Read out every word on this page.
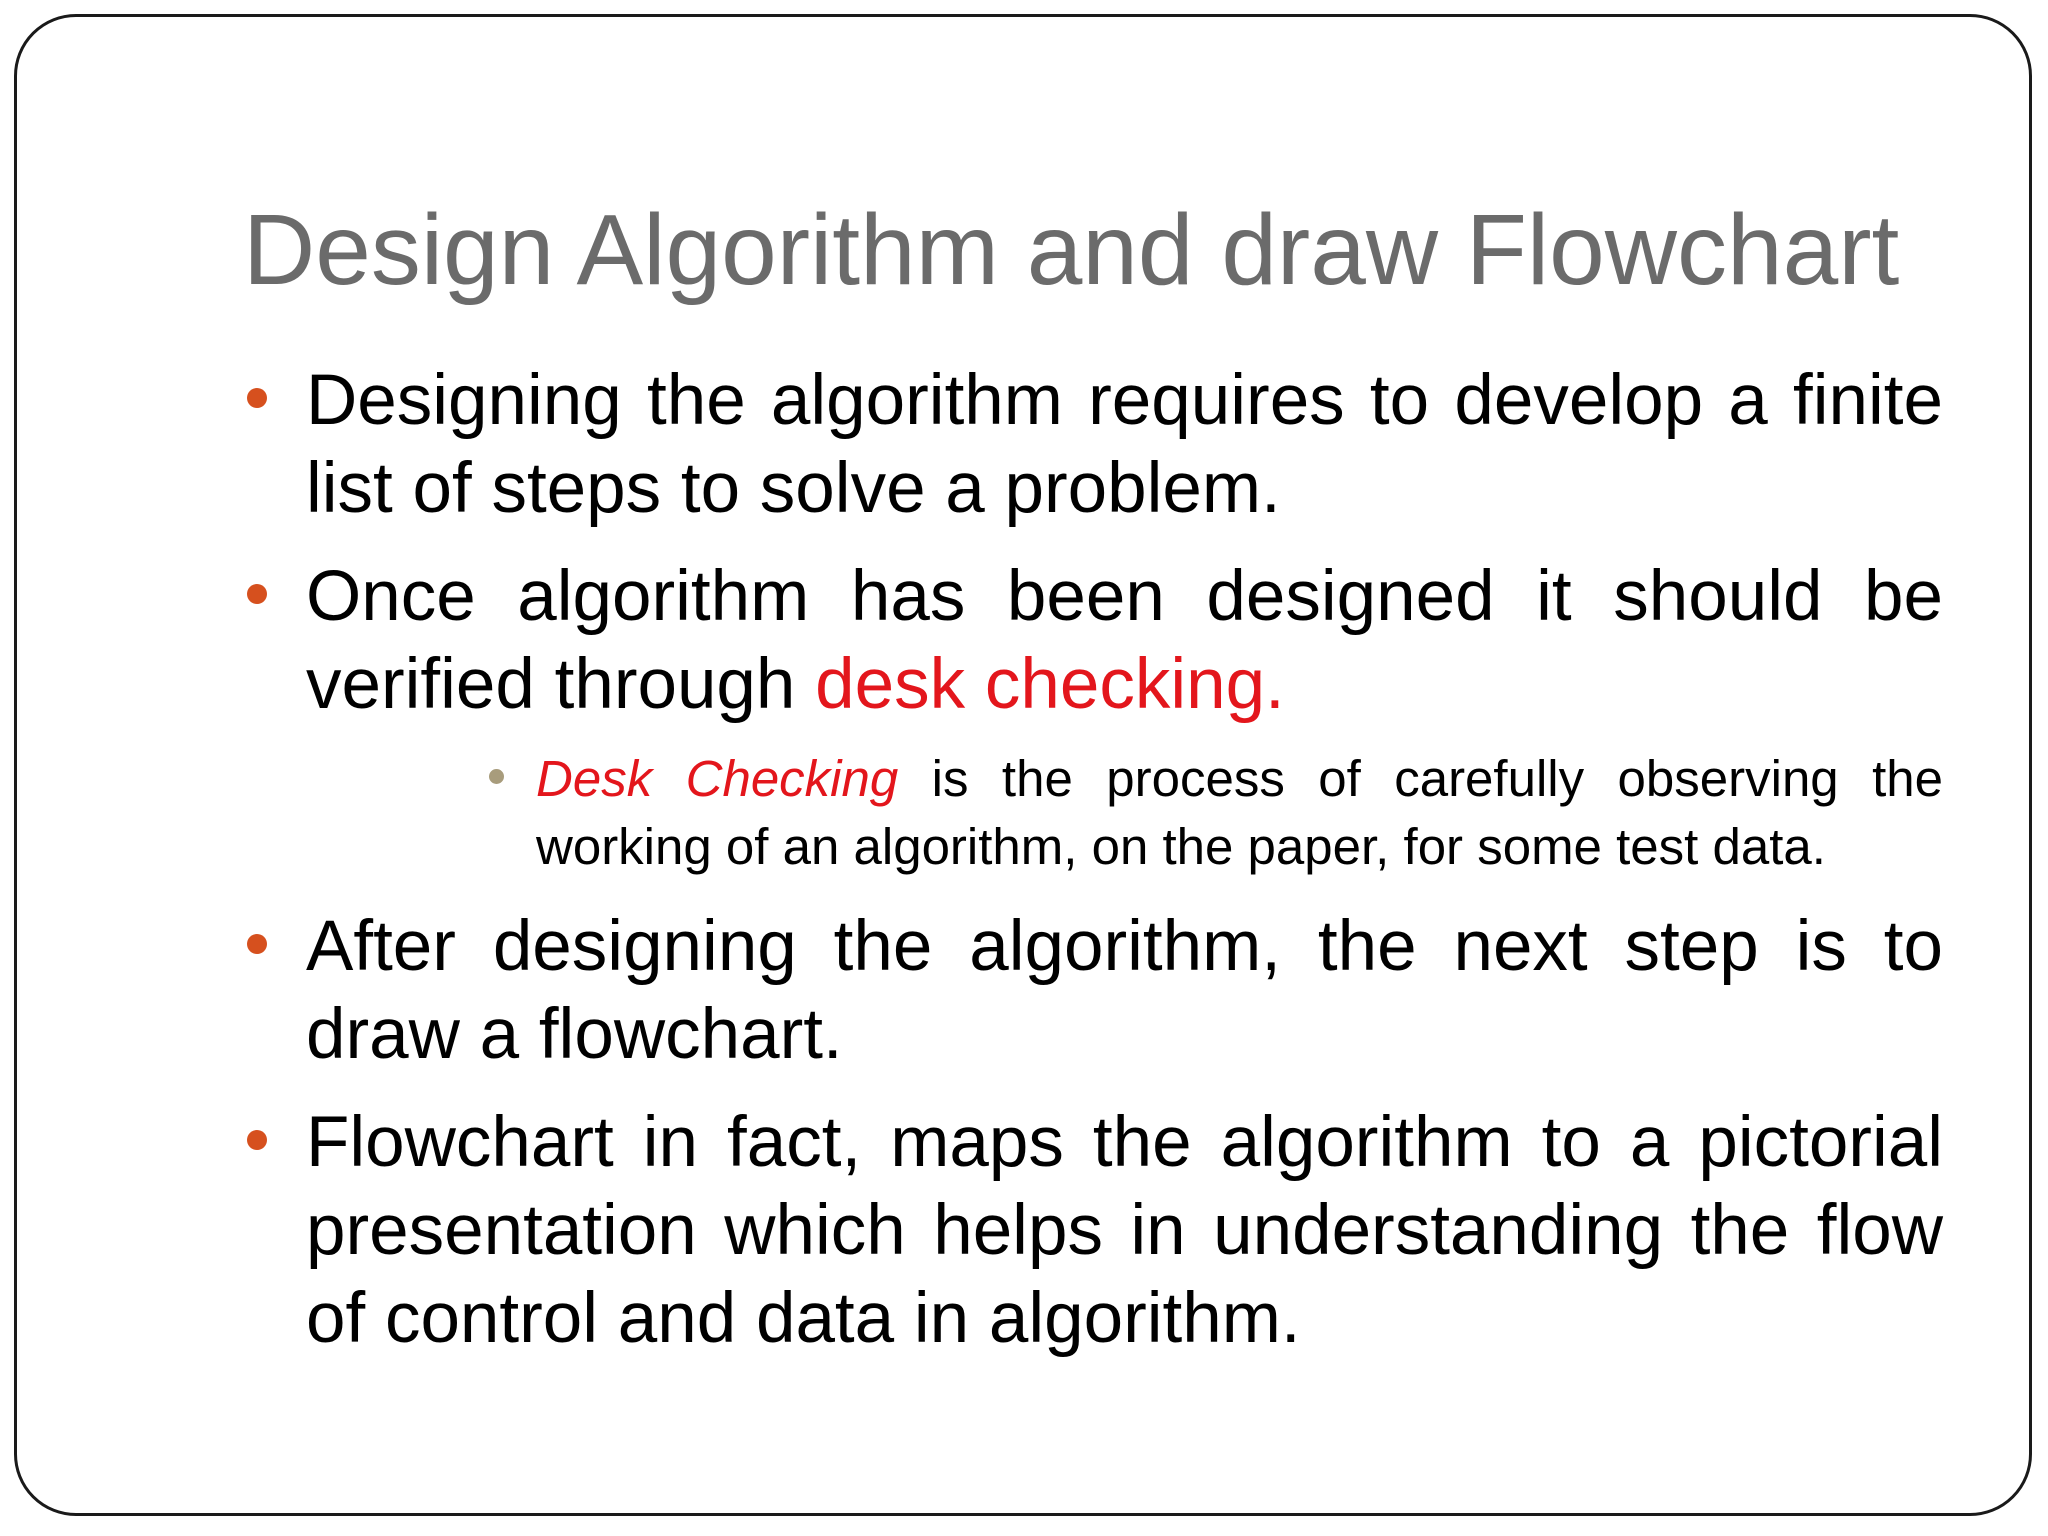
Design Algorithm and draw Flowchart
Designing the algorithm requires to develop a finite list of steps to solve a problem.
Once algorithm has been designed it should be verified through desk checking.
Desk Checking is the process of carefully observing the working of an algorithm, on the paper, for some test data.
After designing the algorithm, the next step is to draw a flowchart.
Flowchart in fact, maps the algorithm to a pictorial presentation which helps in understanding the flow of control and data in algorithm.
